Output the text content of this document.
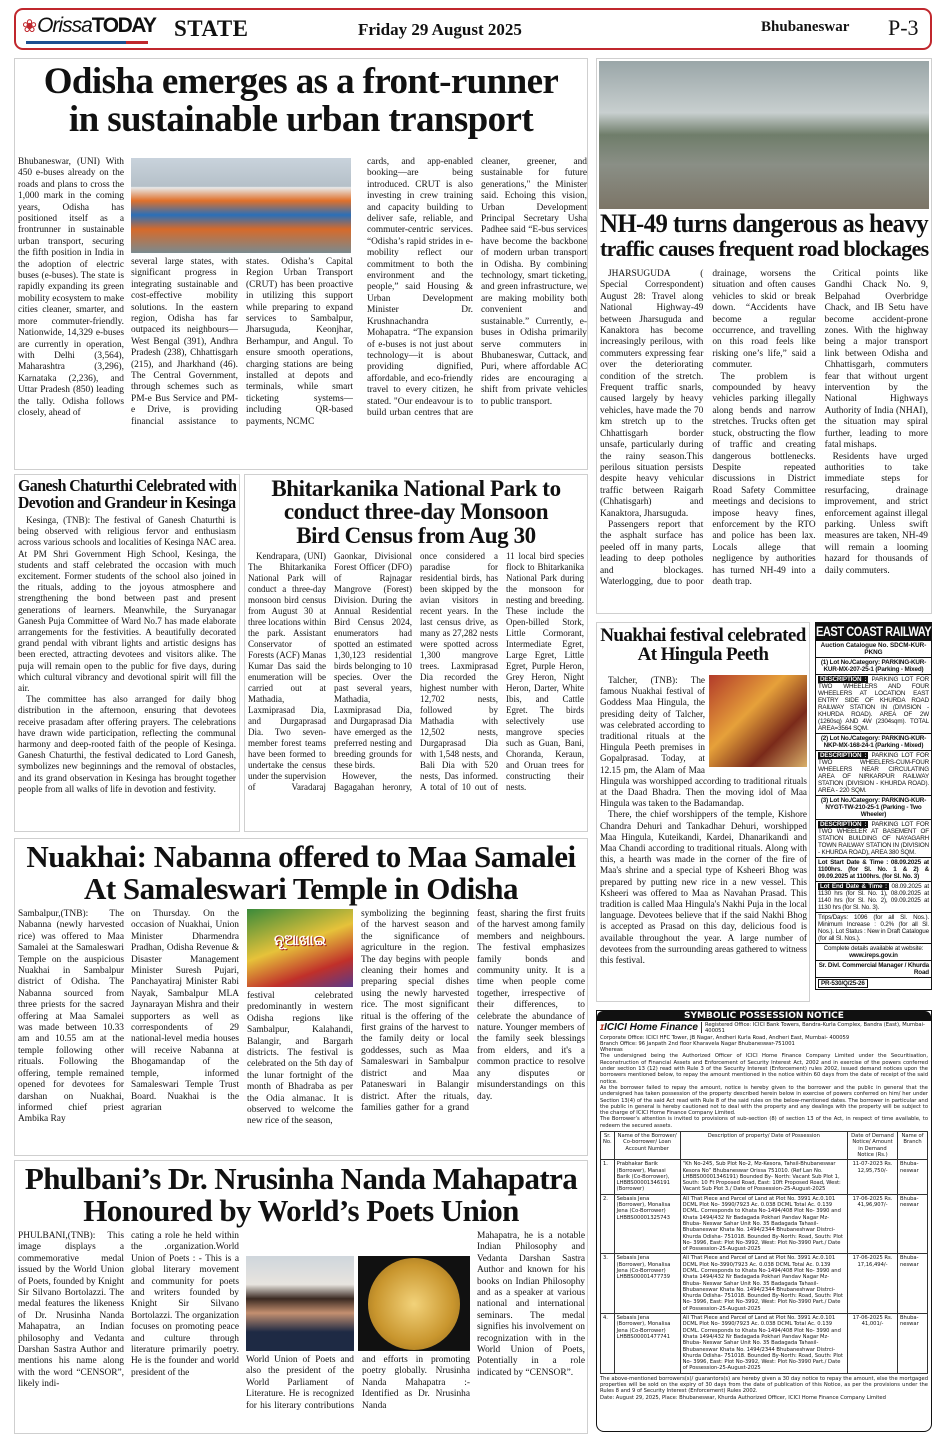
❀OrissaTODAY STATE	Friday 29 August 2025	Bhubaneswar P-3
Odisha emerges as a front-runner
in sustainable urban transport
Bhubaneswar, (UNI) With 450 e-buses already on the roads and plans to cross the 1,000 mark in the coming years, Odisha has positioned itself as a frontrunner in sustainable urban transport, securing the fifth position in India in the adoption of electric buses (e-buses). The state is rapidly expanding its green mobility ecosystem to make cities cleaner, smarter, and more commuter-friendly. Nationwide, 14,329 e-buses are currently in operation, with Delhi (3,564), Maharashtra (3,296), Karnataka (2,236), and Uttar Pradesh (850) leading the tally. Odisha follows closely, ahead of
several large states, with significant progress in integrating sustainable and cost-effective mobility solutions. In the eastern region, Odisha has far outpaced its neighbours— West Bengal (391), Andhra Pradesh (238), Chhattisgarh (215), and Jharkhand (46). The Central Government, through schemes such as PM-e Bus Service and PM-e Drive, is providing financial assistance to states. Odisha’s Capital Region Urban Transport (CRUT) has been proactive in utilizing this support while preparing to expand services to Sambalpur, Jharsuguda, Keonjhar, Berhampur, and Angul. To ensure smooth operations, charging stations are being installed at depots and terminals, while smart ticketing systems—including QR-based payments, NCMC
cards, and app-enabled booking—are being introduced. CRUT is also investing in crew training and capacity building to deliver safe, reliable, and commuter-centric services. “Odisha’s rapid strides in e-mobility reflect our commitment to both the environment and the people,” said Housing & Urban Development Minister Dr. Krushnachandra Mohapatra. “The expansion of e-buses is not just about technology—it is about providing dignified, affordable, and eco-friendly travel to every citizen, he stated. "Our endeavour is to build urban centres that are cleaner, greener, and sustainable for future generations," the Minister said. Echoing this vision, Urban Development Principal Secretary Usha Padhee said “E-bus services have become the backbone of modern urban transport in Odisha. By combining technology, smart ticketing, and green infrastructure, we are making mobility both convenient and sustainable.” Currently, e-buses in Odisha primarily serve commuters in Bhubaneswar, Cuttack, and Puri, where affordable AC rides are encouraging a shift from private vehicles to public transport.
NH-49 turns dangerous as heavy
traffic causes frequent road blockages

JHARSUGUDA ( Special Correspondent) August 28: Travel along National Highway-49 between Jharsuguda and Kanaktora has become increasingly perilous, with commuters expressing fear over the deteriorating condition of the stretch. Frequent traffic snarls, caused largely by heavy vehicles, have made the 70 km stretch up to the Chhattisgarh border unsafe, particularly during the rainy season.This perilous situation persists despite heavy vehicular traffic between Raigarh (Chhatisgarh) and Kanaktora, Jharsuguda.

Passengers report that the asphalt surface has peeled off in many parts, leading to deep potholes and blockages. Waterlogging, due to poor drainage, worsens the situation and often causes vehicles to skid or break down. “Accidents have become a regular occurrence, and travelling on this road feels like risking one’s life,” said a commuter.

The problem is compounded by heavy vehicles parking illegally along bends and narrow stretches. Trucks often get stuck, obstructing the flow of traffic and creating dangerous bottlenecks. Despite repeated discussions in District Road Safety Committee meetings and decisions to impose heavy fines, enforcement by the RTO and police has been lax. Locals allege that negligence by authorities has turned NH-49 into a death trap.

Critical points like Gandhi Chack No. 9, Belpahad Overbridge Chack, and IB Setu have become accident-prone zones. With the highway being a major transport link between Odisha and Chhattisgarh, commuters fear that without urgent intervention by the National Highways Authority of India (NHAI), the situation may spiral further, leading to more fatal mishaps.

Residents have urged authorities to take immediate steps for resurfacing, drainage improvement, and strict enforcement against illegal parking. Unless swift measures are taken, NH-49 will remain a looming hazard for thousands of daily commuters.

Ganesh Chaturthi Celebrated with
Devotion and Grandeur in Kesinga

Kesinga, (TNB): The festival of Ganesh Chaturthi is being observed with religious fervor and enthusiasm across various schools and localities of Kesinga NAC area. At PM Shri Government High School, Kesinga, the students and staff celebrated the occasion with much excitement. Former students of the school also joined in the rituals, adding to the joyous atmosphere and strengthening the bond between past and present generations of learners. Meanwhile, the Suryanagar Ganesh Puja Committee of Ward No.7 has made elaborate arrangements for the festivities. A beautifully decorated grand pendal with vibrant lights and artistic designs has been erected, attracting devotees and visitors alike. The puja will remain open to the public for five days, during which cultural vibrancy and devotional spirit will fill the air.

The committee has also arranged for daily bhog distribution in the afternoon, ensuring that devotees receive prasadam after offering prayers. The celebrations have drawn wide participation, reflecting the communal harmony and deep-rooted faith of the people of Kesinga. Ganesh Chaturthi, the festival dedicated to Lord Ganesh, symbolizes new beginnings and the removal of obstacles, and its grand observation in Kesinga has brought together people from all walks of life in devotion and festivity.

Bhitarkanika National Park to
conduct three-day Monsoon
Bird Census from Aug 30

Kendrapara, (UNI) The Bhitarkanika National Park will conduct a three-day monsoon bird census from August 30 at three locations within the park. Assistant Conservator of Forests (ACF) Manas Kumar Das said the enumeration will be carried out at Mathadia, Laxmiprasad Dia, and Durgaprasad Dia. Two seven-member forest teams have been formed to undertake the census under the supervision of Varadaraj Gaonkar, Divisional Forest Officer (DFO) of Rajnagar Mangrove (Forest) Division. During the Annual Residential Bird Census 2024, enumerators had spotted an estimated 1,30,123 residential birds belonging to 10 species. Over the past several years, Mathadia, Laxmiprasad Dia, and Durgaprasad Dia have emerged as the preferred nesting and breeding grounds for these birds.

However, the Bagagahan heronry, once considered a paradise for residential birds, has been skipped by the avian visitors in recent years. In the last census drive, as many as 27,282 nests were spotted across 1,300 mangrove trees. Laxmiprasad Dia recorded the highest number with 12,702 nests, followed by Mathadia with 12,502 nests, Durgaprasad Dia with 1,548 nests, and Bali Dia with 520 nests, Das informed. A total of 10 out of 11 local bird species flock to Bhitarkanika National Park during the monsoon for nesting and breeding. These include the Open-billed Stork, Little Cormorant, Intermediate Egret, Large Egret, Little Egret, Purple Heron, Grey Heron, Night Heron, Darter, White Ibis, and Cattle Egret. The birds selectively use mangrove species such as Guan, Bani, Choranda, Keraun, and Oruan trees for constructing their nests.

Nuakhai festival celebrated
At Hingula Peeth

Talcher, (TNB): The famous Nuakhai festival of Goddess Maa Hingula, the presiding deity of Talcher, was celebrated according to traditional rituals at the Hingula Peeth premises in Gopalprasad. Today, at 12.15 pm, the Alam of Maa Hingula was worshipped according to traditional rituals at the Daad Bhadra. Then the moving idol of Maa Hingula was taken to the Badamandap.

There, the chief worshippers of the temple, Kishore Chandra Dehuri and Tankadhar Dehuri, worshipped Maa Hingula, Kuteikandi, Kardei, Dhanarikandi and Maa Chandi according to traditional rituals. Along with this, a hearth was made in the corner of the fire of Maa's shrine and a special type of Ksheeri Bhog was prepared by putting new rice in a new vessel. This Ksheeri was offered to Maa as Navahan Prasad. This tradition is called Maa Hingula's Nakhi Puja in the local language. Devotees believe that if the said Nakhi Bhog is accepted as Prasad on this day, delicious food is available throughout the year. A large number of devotees from the surrounding areas gathered to witness this festival.

EAST COAST RAILWAY
Auction Catalogue No. SDCM-KUR-PKNG
(1) Lot No./Category: PARKING-KUR-KUR-MX-207-25-1 (Parking - Mixed)
DESCRIPTION : PARKING LOT FOR TWO WHEELERS AND FOUR WHEELERS AT LOCATION EAST ENTRY SIDE OF KHURDA ROAD RAILWAY STATION IN (DIVISION - KHURDA ROAD). AREA OF 2W (1260sq) AND 4W (2304sqm). TOTAL AREA=3564 SQM.
(2) Lot No./Category: PARKING-KUR-NKP-MX-168-24-1 (Parking - Mixed)
DESCRIPTION : PARKING LOT FOR TWO WHEELERS-CUM-FOUR WHEELERS NEAR CIRCULATING AREA OF NIRKARPUR RAILWAY STATION (DIVISION - KHURDA ROAD). AREA - 220 SQM.
(3) Lot No./Category: PARKING-KUR-NYGT-TW-210-25-1 (Parking - Two Wheeler)
DESCRIPTION : PARKING LOT FOR TWO WHEELER AT BASEMENT OF STATION BUILDING OF NAYAGARH TOWN RAILWAY STATION IN (DIVISION - KHURDA ROAD), AREA 380 SQM.
Lot Start Date & Time : 08.09.2025 at 1100hrs. (for Sl. No. 1 & 2) & 09.09.2025 at 1100hrs. (for Sl. No. 3)
Lot End Date & Time : 08.09.2025 at 1130 hrs (for Sl. No. 1), 08.09.2025 at 1140 hrs (for Sl. No. 2), 09.09.2025 at 1130 hrs (for Sl. No. 3).
Trips/Days: 1096 (for all Sl. Nos.). Minimum Increase : 0.2% (for all Sl. Nos.). Lot Status : New in Draft Catalogue (for all Sl. Nos.).
Complete details available at website:
www.ireps.gov.in
Sr. Divl. Commercial Manager / Khurda Road
PR-530/Q/25-26
Nuakhai: Nabanna offered to Maa Samalei
At Samaleswari Temple in Odisha
Sambalpur,(TNB): The Nabanna (newly harvested rice) was offered to Maa Samalei at the Samaleswari Temple on the auspicious Nuakhai in Sambalpur district of Odisha. The Nabanna sourced from three priests for the sacred offering at Maa Samalei was made between 10.33 am and 10.55 am at the temple following other rituals. Following the offering, temple remained opened for devotees for darshan on Nuakhai, informed chief priest Ambika Ray
on Thursday. On the occasion of Nuakhai, Union Minister Dharmendra Pradhan, Odisha Revenue & Disaster Management Minister Suresh Pujari, Panchayatiraj Minister Rabi Nayak, Sambalpur MLA Jaynarayan Mishra and their supporters as well as correspondents of 29 national-level media houses will receive Nabanna at Bhogamandap of the temple, informed Samaleswari Temple Trust Board. Nuakhai is the agrarian
ନୂଆଖାଇ
festival celebrated predominantly in western Odisha regions like Sambalpur, Kalahandi, Balangir, and Bargarh districts. The festival is celebrated on the 5th day of the lunar fortnight of the month of Bhadraba as per the Odia almanac. It is observed to welcome the new rice of the season,
symbolizing the beginning of the harvest season and the significance of agriculture in the region. The day begins with people cleaning their homes and preparing special dishes using the newly harvested rice. The most significant ritual is the offering of the first grains of the harvest to the family deity or local goddesses, such as Maa Samaleswari in Sambalpur district and Maa Pataneswari in Balangir district. After the rituals, families gather for a grand feast, sharing the first fruits of the harvest among family members and neighbours. The festival emphasizes family bonds and community unity. It is a time when people come together, irrespective of their differences, to celebrate the abundance of nature. Younger members of the family seek blessings from elders, and it's a common practice to resolve any disputes or misunderstandings on this day.
Phulbani’s Dr. Nrusinha Nanda Mahapatra
Honoured by World’s Poets Union
PHULBANI,(TNB): This image displays a commemorative medal issued by the World Union of Poets, founded by Knight Sir Silvano Bortolazzi. The medal features the likeness of Dr. Nrusinha Nanda Mahapatra, an Indian philosophy and Vedanta Darshan Sastra Author and mentions his name along with the word “CENSOR”, likely indi-
cating a role he held within the .organization.World Union of Poets : - This is a global literary movement and community for poets and writers founded by Knight Sir Silvano Bortolazzi. The organization focuses on promoting peace and culture through literature primarily poetry. He is the founder and world president of the
World Union of Poets and also the president of the World Parliament of Literature. He is recognized for his literary contributions and efforts in promoting poetry globally. Nrusinha Nanda Mahapatra :- Identified as Dr. Nrusinha Nanda
Mahapatra, he is a notable Indian Philosophy and Vedanta Darshan Sastra Author and known for his books on Indian Philosophy and as a speaker at various national and international seminars. The medal signifies his involvement on recognization with in the World Union of Poets, Potentially in a role indicated by “CENSOR”.
SYMBOLIC POSSESSION NOTICE
ɪICICI Home Finance	Registered Office: ICICI Bank Towers, Bandra-Kurla Complex, Bandra (East), Mumbai- 400051
Corporate Office: ICICI HFC Tower, JB Nagar, Andheri Kurla Road, Andheri East, Mumbai- 400059
Branch Office: 96 Janpath 2nd floor Kharavela Nagar Bhubaneswar-751001
Whereas
The undersigned being the Authorized Officer of ICICI Home Finance Company Limited under the Securitisation, Reconstruction of Financial Assets and Enforcement of Security Interest Act, 2002 and in exercise of the powers conferred under section 13 (12) read with Rule 3 of the Security Interest (Enforcement) rules 2002, issued demand notices upon the borrowers mentioned below, to repay the amount mentioned in the notice within 60 days from the date of receipt of the said notice.
As the borrower failed to repay the amount, notice is hereby given to the borrower and the public in general that the undersigned has taken possession of the property described herein below in exercise of powers conferred on him/ her under Section 13(4) of the said Act read with Rule 8 of the said rules on the below-mentioned dates. The borrower in particular and the public in general is hereby cautioned not to deal with the property and any dealings with the property will be subject to the charge of ICICI Home Finance Company Limited.
The Borrower’s attention is invited to provisions of sub-section (8) of section 13 of the Act, in respect of time available, to redeem the secured assets.
Sr. No.	Name of the Borrower/ Co-borrower/ Loan Account Number	Description of property/ Date of Possession	Date of Demand Notice/ Amount in Demand Notice (Rs.)	Name of Branch
1.	Prabhakar Barik (Borrower), Manasi Barik (Co-Borrower), LHBBS00001346191 (Borrower)	“Kh No-245, Sub Plot No-2, Mz-Kesora, Tahsil-Bhubaneswar Kesora No” Bhubaneswar Orissa 751010. (Ref Lan No. LHBBS00001346191) Bounded By- North: Vacant Sub Plot 1, South: 10 Ft Proposed Road, East: 10ft Proposed Road, West: Vacant Sub Plot 3./ Date of Possession-25-August-2025	11-07-2023 Rs. 12,95,750/-	Bhuba-neswar
2.	Sebasis Jena (Borrower), Monalisa Jena (Co-Borrower) LHBBS00001325743	All That Piece and Parcel of Land at Plot No. 3991 Ac.0.101 DCML Plot No- 3990/7923 Ac. 0.038 DCML Total Ac. 0.139 DCML. Corresponds to Khata No-1494/408 Plot No- 3990 and Khata 1494/432 Nr Badagada Pokhari Pandav Nagar Mz-Bhuba- Neswar Sahar Unit No. 35 Badagada Tahasil- Bhubaneswar Khata No. 1494/2344 Bhubaneshwar Distrci-Khurda Odisha- 751018. Bounded By-North: Road, South: Plot No- 3996, East: Plot No-3992, West: Plot No-3990 Part./ Date of Possession-25-August-2025	17-06-2025 Rs. 41,96,907/-	Bhuba-neswar
3.	Sebasis Jena (Borrower), Monalisa Jena (Co-Borrower) LHBBS00001477739	All That Piece and Parcel of Land at Plot No. 3991 Ac.0.101 DCML Plot No-3990/7923 Ac. 0.038 DCML Total Ac. 0.139 DCML. Corresponds to Khata No-1494/408 Plot No- 3990 and Khata 1494/432 Nr Badagada Pokhari Pandav Nagar Mz-Bhuba- Neswar Sahar Unit No. 35 Badagada Tahasil- Bhubaneswar Khata No. 1494/2344 Bhubaneshwar Distrci-Khurda Odisha- 751018. Bounded By-North: Road, South: Plot No- 3996, East: Plot No-3992, West: Plot No-3990 Part./ Date of Possession-25-August-2025	17-06-2025 Rs. 17,16,494/-	Bhuba-neswar
4.	Sebasis Jena (Borrower), Monalisa Jena (Co-Borrower) LHBBS00001477741	All That Piece and Parcel of Land at Plot No. 3991 Ac.0.101 DCML Plot No- 3990/7923 Ac. 0.038 DCML Total Ac. 0.139 DCML. Corresponds to Khata No-1494/408 Plot No- 3990 and Khata 1494/432 Nr Badagada Pokhari Pandav Nagar Mz-Bhuba- Neswar Sahar Unit No. 35 Badagada Tahasil- Bhubaneswar Khata No. 1494/2344 Bhubaneshwar Distrci-Khurda Odisha- 751018. Bounded By-North: Road, South: Plot No- 3996, East: Plot No-3992, West: Plot No-3990 Part./ Date of Possession-25-August-2025	17-06-2025 Rs. 41,001/-	Bhuba-neswar
The above-mentioned borrowers(s)/ guarantors(s) are hereby given a 30 day notice to repay the amount, else the mortgaged properties will be sold on the expiry of 30 days from the date of publication of this Notice, as per the provisions under the Rules 8 and 9 of Security Interest (Enforcement) Rules 2002.
Date: August 29, 2025, Place: Bhubaneswar, Khurda Authorized Officer, ICICI Home Finance Company Limited
